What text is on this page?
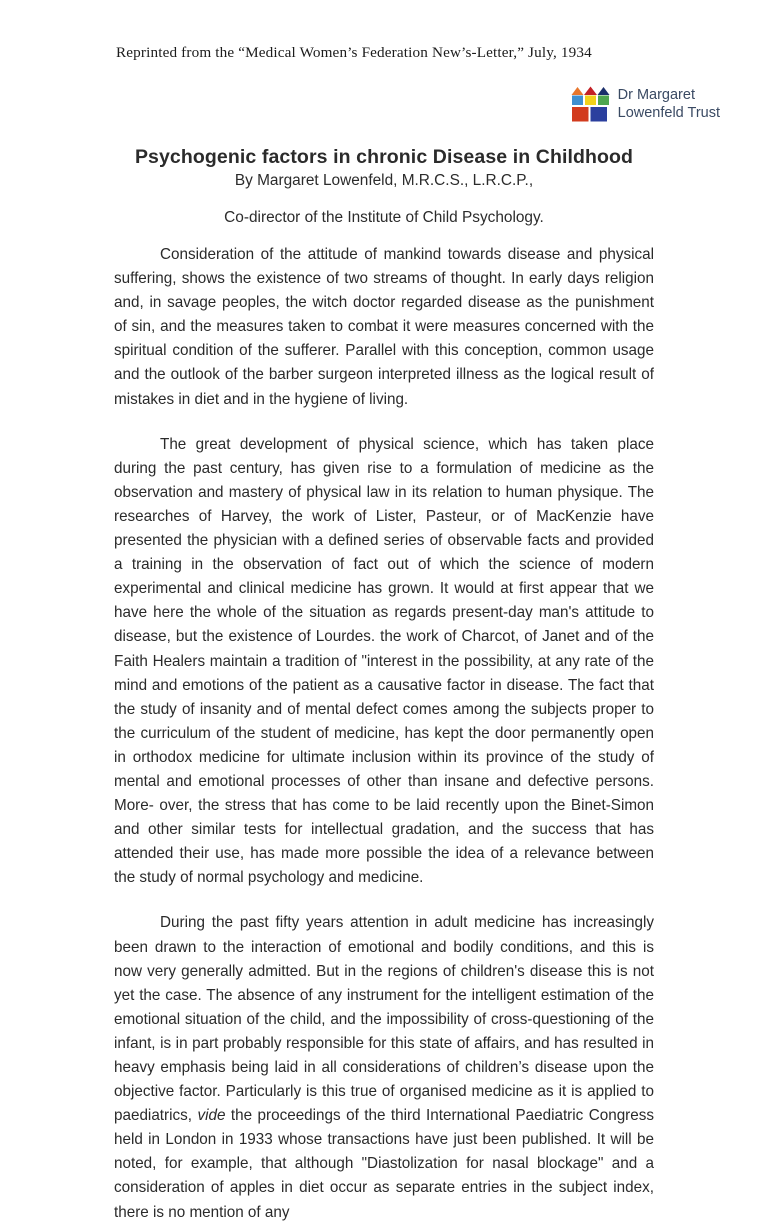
Reprinted from the “Medical Women’s Federation New’s-Letter,” July, 1934
Dr Margaret
Lowenfeld Trust
Psychogenic factors in chronic Disease in Childhood
By Margaret Lowenfeld, M.R.C.S., L.R.C.P.,
Co-director of the Institute of Child Psychology.

Consideration of the attitude of mankind towards disease and physical suffering, shows the existence of two streams of thought. In early days religion and, in savage peoples, the witch doctor regarded disease as the punishment of sin, and the measures taken to combat it were measures concerned with the spiritual condition of the sufferer. Parallel with this conception, common usage and the outlook of the barber surgeon interpreted illness as the logical result of mistakes in diet and in the hygiene of living.

The great development of physical science, which has taken place during the past century, has given rise to a formulation of medicine as the observation and mastery of physical law in its relation to human physique. The researches of Harvey, the work of Lister, Pasteur, or of MacKenzie have presented the physician with a defined series of observable facts and provided a training in the observation of fact out of which the science of modern experimental and clinical medicine has grown. It would at first appear that we have here the whole of the situation as regards present-day man's attitude to disease, but the existence of Lourdes. the work of Charcot, of Janet and of the Faith Healers maintain a tradition of "interest in the possibility, at any rate of the mind and emotions of the patient as a causative factor in disease. The fact that the study of insanity and of mental defect comes among the subjects proper to the curriculum of the student of medicine, has kept the door permanently open in orthodox medicine for ultimate inclusion within its province of the study of mental and emotional processes of other than insane and defective persons. More- over, the stress that has come to be laid recently upon the Binet-Simon and other similar tests for intellectual gradation, and the success that has attended their use, has made more possible the idea of a relevance between the study of normal psychology and medicine.

During the past fifty years attention in adult medicine has increasingly been drawn to the interaction of emotional and bodily conditions, and this is now very generally admitted. But in the regions of children's disease this is not yet the case. The absence of any instrument for the intelligent estimation of the emotional situation of the child, and the impossibility of cross-questioning of the infant, is in part probably responsible for this state of affairs, and has resulted in heavy emphasis being laid in all considerations of children’s disease upon the objective factor. Particularly is this true of organised medicine as it is applied to paediatrics, vide the proceedings of the third International Paediatric Congress held in London in 1933 whose transactions have just been published. It will be noted, for example, that although "Diastolization for nasal blockage" and a consideration of apples in diet occur as separate entries in the subject index, there is no mention of any
